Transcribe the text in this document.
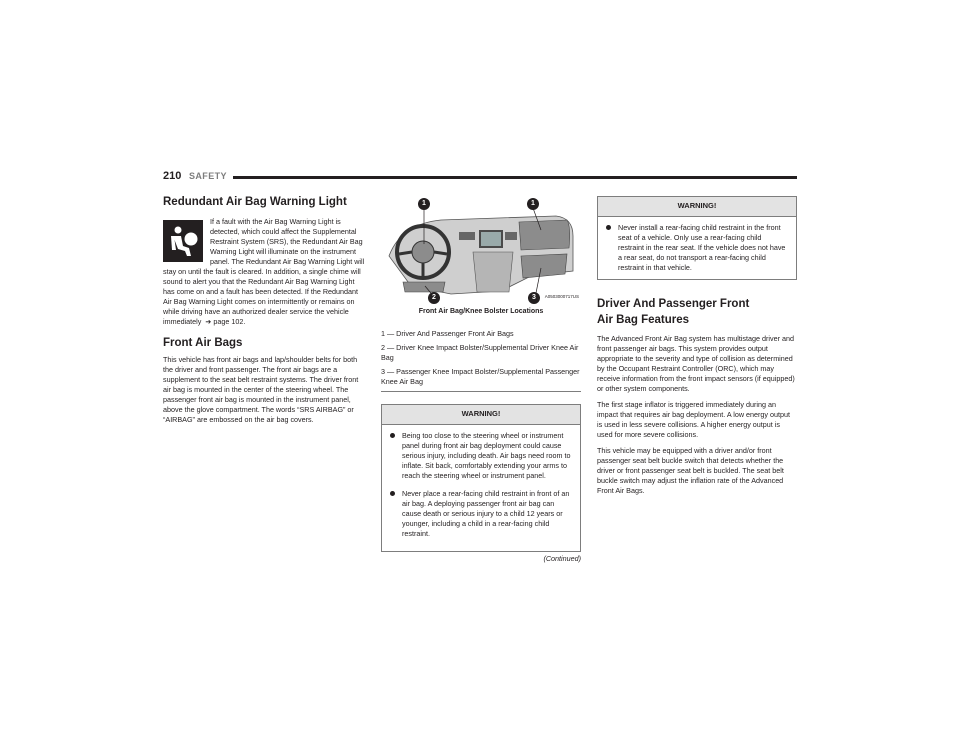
210 SAFETY
Redundant Air Bag Warning Light

If a fault with the Air Bag Warning Light is detected, which could affect the Supplemental Restraint System (SRS), the Redundant Air Bag Warning Light will illuminate on the instrument panel. The Redundant Air Bag Warning Light will stay on until the fault is cleared. In addition, a single chime will sound to alert you that the Redundant Air Bag Warning Light has come on and a fault has been detected. If the Redundant Air Bag Warning Light comes on intermittently or remains on while driving have an authorized dealer service the vehicle immediately ➔ page 102.

Front Air Bags

This vehicle has front air bags and lap/shoulder belts for both the driver and front passenger. The front air bags are a supplement to the seat belt restraint systems. The driver front air bag is mounted in the center of the steering wheel. The passenger front air bag is mounted in the instrument panel, above the glove compartment. The words “SRS AIRBAG” or “AIRBAG” are embossed on the air bag covers.

1	1
2	3	A0503000717US
Front Air Bag/Knee Bolster Locations

1 — Driver And Passenger Front Air Bags

2 — Driver Knee Impact Bolster/Supplemental Driver Knee Air Bag

3 — Passenger Knee Impact Bolster/Supplemental Passenger Knee Air Bag

WARNING!
Being too close to the steering wheel or instrument panel during front air bag deployment could cause serious injury, including death. Air bags need room to inflate. Sit back, comfortably extending your arms to reach the steering wheel or instrument panel.
Never place a rear-facing child restraint in front of an air bag. A deploying passenger front air bag can cause death or serious injury to a child 12 years or younger, including a child in a rear-facing child restraint.
(Continued)
WARNING!
Never install a rear-facing child restraint in the front seat of a vehicle. Only use a rear-facing child restraint in the rear seat. If the vehicle does not have a rear seat, do not transport a rear-facing child restraint in that vehicle.
Driver And Passenger Front Air Bag Features

The Advanced Front Air Bag system has multistage driver and front passenger air bags. This system provides output appropriate to the severity and type of collision as determined by the Occupant Restraint Controller (ORC), which may receive information from the front impact sensors (if equipped) or other system components.

The first stage inflator is triggered immediately during an impact that requires air bag deployment. A low energy output is used in less severe collisions. A higher energy output is used for more severe collisions.

This vehicle may be equipped with a driver and/or front passenger seat belt buckle switch that detects whether the driver or front passenger seat belt is buckled. The seat belt buckle switch may adjust the inflation rate of the Advanced Front Air Bags.
